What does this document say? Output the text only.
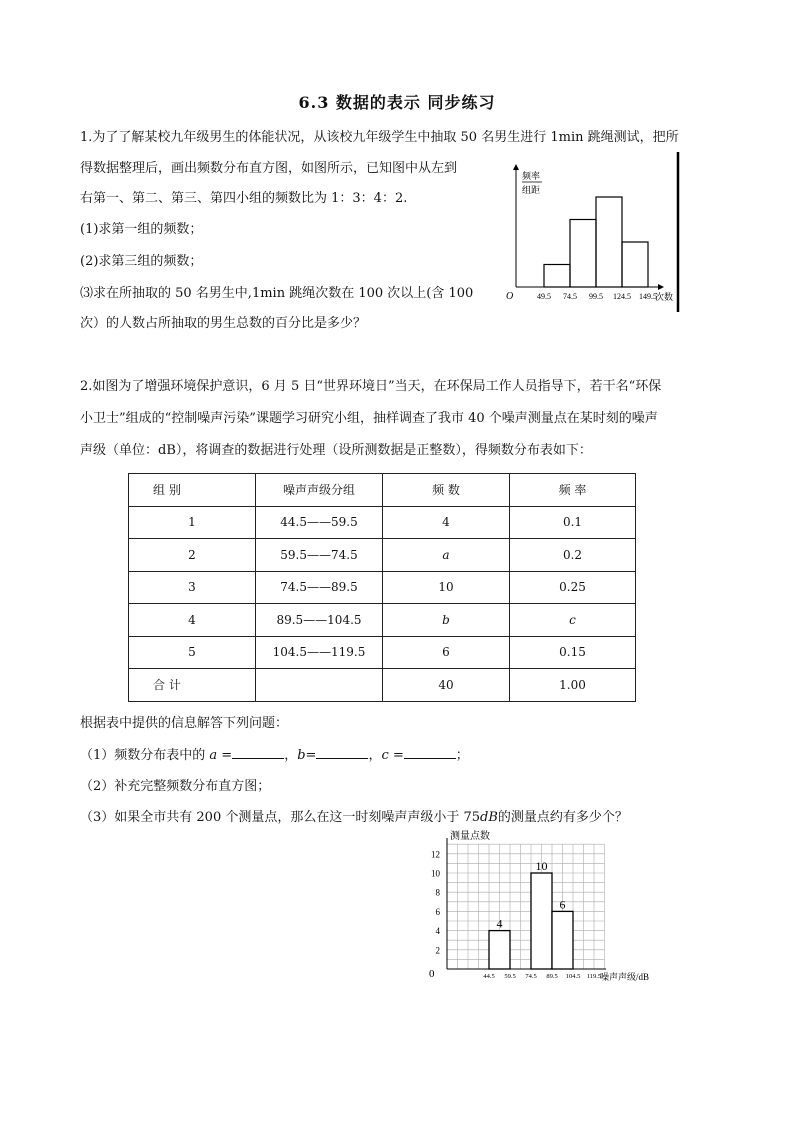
6.3 数据的表示 同步练习
1.为了了解某校九年级男生的体能状况，从该校九年级学生中抽取 50 名男生进行 1min 跳绳测试，把所
得数据整理后，画出频数分布直方图，如图所示，已知图中从左到
右第一、第二、第三、第四小组的频数比为 1：3：4：2.
(1)求第一组的频数；
(2)求第三组的频数；
⑶求在所抽取的 50 名男生中,1min 跳绳次数在 100 次以上(含 100
次）的人数占所抽取的男生总数的百分比是多少？
频率
组距
O	次数
49.5 74.5 99.5 124.5 149.5
2.如图为了增强环境保护意识，6 月 5 日“世界环境日”当天，在环保局工作人员指导下，若干名“环保
小卫士”组成的“控制噪声污染”课题学习研究小组，抽样调查了我市 40 个噪声测量点在某时刻的噪声
声级（单位：dB），将调查的数据进行处理（设所测数据是正整数），得频数分布表如下：
组 别	噪声声级分组	频 数	频 率
1	44.5——59.5	4	0.1
2	59.5——74.5	a	0.2
3	74.5——89.5	10	0.25
4	89.5——104.5	b	c
5	104.5——119.5	6	0.15
合 计		40	1.00
根据表中提供的信息解答下列问题：
（1）频数分布表中的 a =	，b=	，c =	；
（2）补充完整频数分布直方图；
（3）如果全市共有 200 个测量点，那么在这一时刻噪声声级小于 75dB的测量点约有多少个？
测量点数
0	噪声声级/dB
2
4
6
8
10
12
44.5 59.5 74.5 89.5 104.5 119.5
4
10
6
